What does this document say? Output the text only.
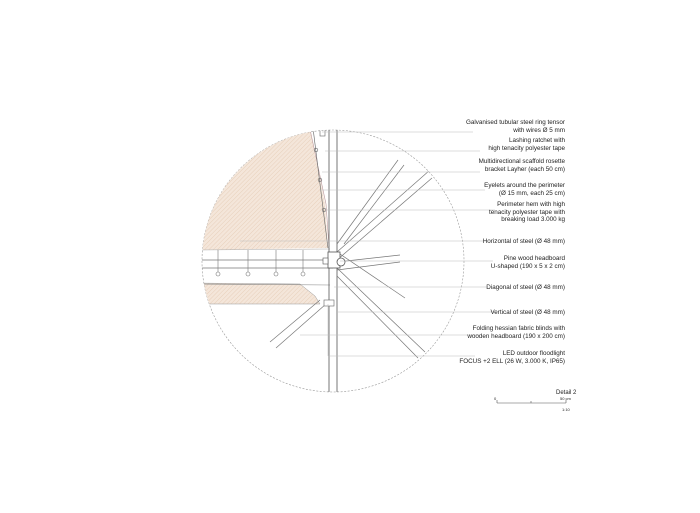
Galvanised tubular steel ring tensor
with wires Ø 5 mm
Lashing ratchet with
high tenacity polyester tape
Multidirectional scaffold rosette
bracket Layher (each 50 cm)
Eyelets around the perimeter
(Ø 15 mm, each 25 cm)
Perimeter hem with high
tenacity polyester tape with
breaking load 3.000 kg
Horizontal of steel (Ø 48 mm)
Pine wood headboard
U-shaped (190 x 5 x 2 cm)
Diagonal of steel (Ø 48 mm)
Vertical of steel (Ø 48 mm)
Folding hessian fabric blinds with
wooden headboard (190 x 200 cm)
LED outdoor floodlight
FOCUS +2 ELL (26 W, 3.000 K, IP65)
Detail 2
0	50 cm
1:10
